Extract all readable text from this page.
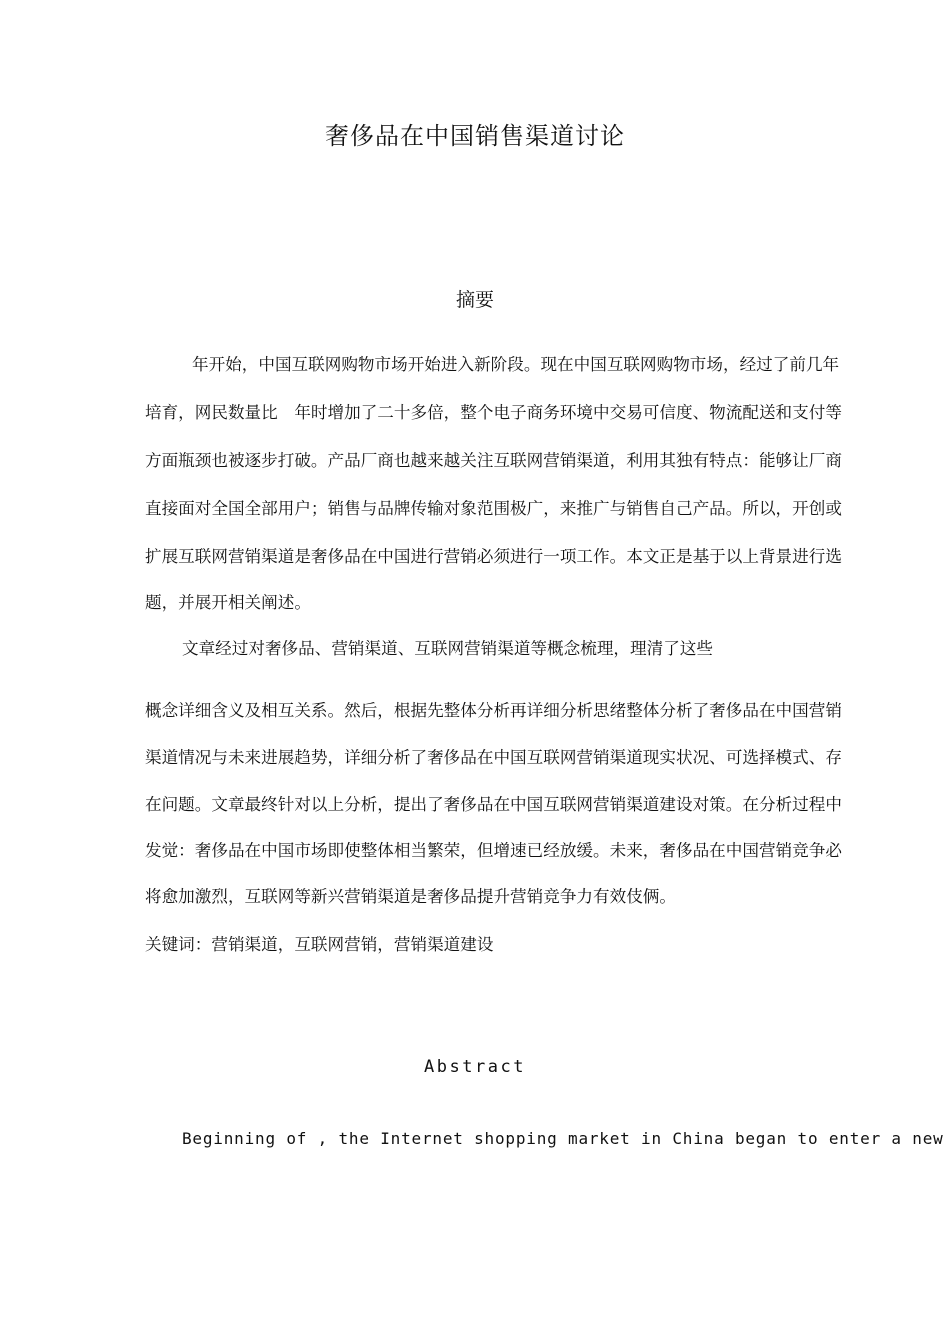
奢侈品在中国销售渠道讨论
摘要
年开始，中国互联网购物市场开始进入新阶段。现在中国互联网购物市场，经过了前几年
培育，网民数量比　年时增加了二十多倍，整个电子商务环境中交易可信度、物流配送和支付等
方面瓶颈也被逐步打破。产品厂商也越来越关注互联网营销渠道，利用其独有特点：能够让厂商
直接面对全国全部用户；销售与品牌传输对象范围极广，来推广与销售自己产品。所以，开创或
扩展互联网营销渠道是奢侈品在中国进行营销必须进行一项工作。本文正是基于以上背景进行选
题，并展开相关阐述。
文章经过对奢侈品、营销渠道、互联网营销渠道等概念梳理，理清了这些
概念详细含义及相互关系。然后，根据先整体分析再详细分析思绪整体分析了奢侈品在中国营销
渠道情况与未来进展趋势，详细分析了奢侈品在中国互联网营销渠道现实状况、可选择模式、存
在问题。文章最终针对以上分析，提出了奢侈品在中国互联网营销渠道建设对策。在分析过程中
发觉：奢侈品在中国市场即使整体相当繁荣，但增速已经放缓。未来，奢侈品在中国营销竞争必
将愈加激烈，互联网等新兴营销渠道是奢侈品提升营销竞争力有效伎俩。
关键词：营销渠道，互联网营销，营销渠道建设
Abstract
Beginning of , the Internet shopping market in China began to enter a new
